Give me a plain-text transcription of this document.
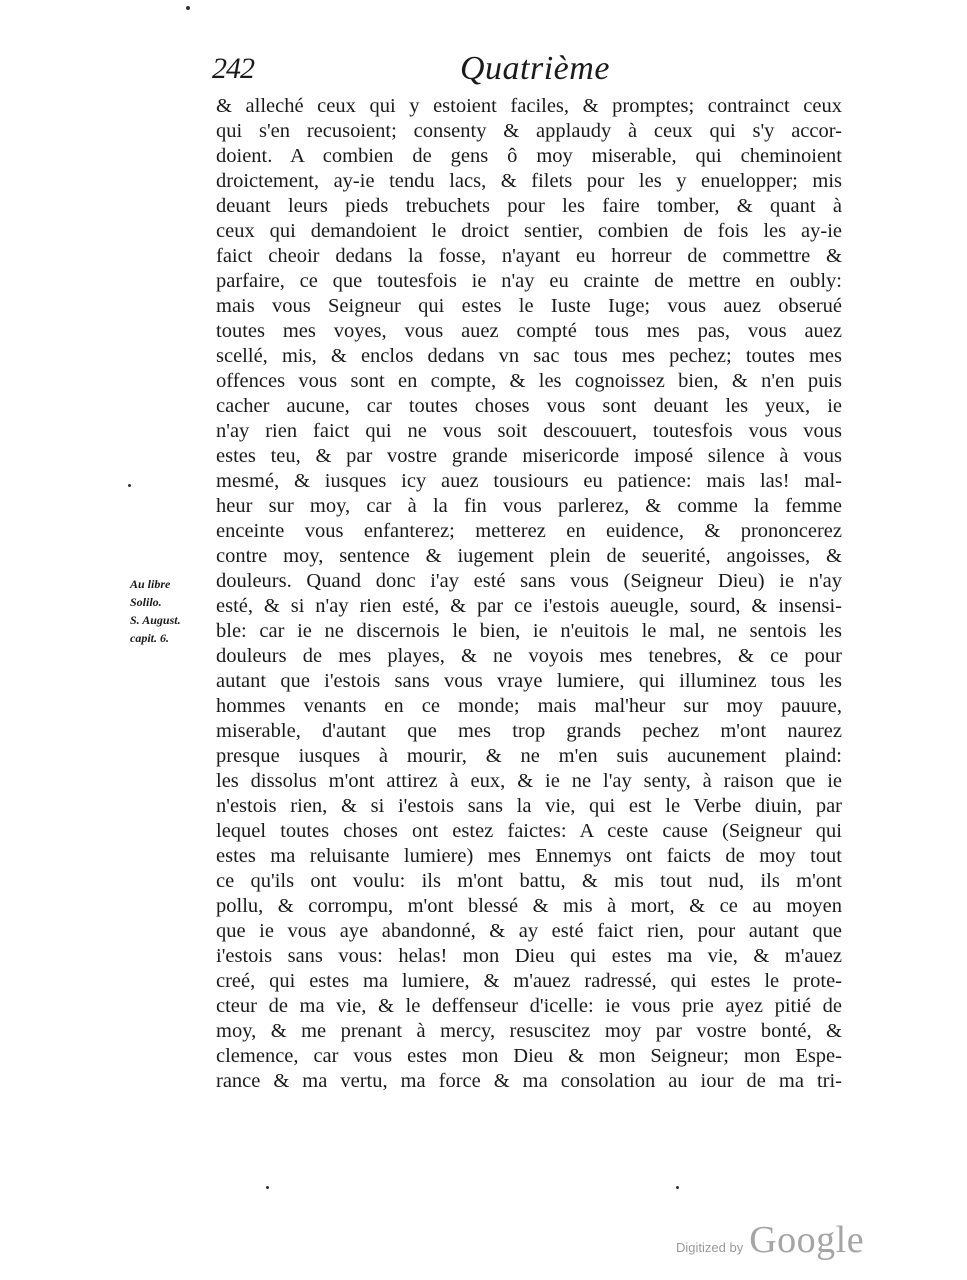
242	Quatrième
& alleché ceux qui y estoient faciles, & promptes; contrainct ceux
qui s'en recusoient; consenty & applaudy à ceux qui s'y accor-
doient. A combien de gens ô moy miserable, qui cheminoient
droictement, ay-ie tendu lacs, & filets pour les y enuelopper; mis
deuant leurs pieds trebuchets pour les faire tomber, & quant à
ceux qui demandoient le droict sentier, combien de fois les ay-ie
faict cheoir dedans la fosse, n'ayant eu horreur de commettre &
parfaire, ce que toutesfois ie n'ay eu crainte de mettre en oubly:
mais vous Seigneur qui estes le Iuste Iuge; vous auez obserué
toutes mes voyes, vous auez compté tous mes pas, vous auez
scellé, mis, & enclos dedans vn sac tous mes pechez; toutes mes
offences vous sont en compte, & les cognoissez bien, & n'en puis
cacher aucune, car toutes choses vous sont deuant les yeux, ie
n'ay rien faict qui ne vous soit descouuert, toutesfois vous vous
estes teu, & par vostre grande misericorde imposé silence à vous
mesmé, & iusques icy auez tousiours eu patience: mais las! mal-
heur sur moy, car à la fin vous parlerez, & comme la femme
enceinte vous enfanterez; metterez en euidence, & prononcerez
contre moy, sentence & iugement plein de seuerité, angoisses, &
douleurs. Quand donc i'ay esté sans vous (Seigneur Dieu) ie n'ay
esté, & si n'ay rien esté, & par ce i'estois aueugle, sourd, & insensi-
ble: car ie ne discernois le bien, ie n'euitois le mal, ne sentois les
douleurs de mes playes, & ne voyois mes tenebres, & ce pour
autant que i'estois sans vous vraye lumiere, qui illuminez tous les
hommes venants en ce monde; mais mal'heur sur moy pauure,
miserable, d'autant que mes trop grands pechez m'ont naurez
presque iusques à mourir, & ne m'en suis aucunement plaind:
les dissolus m'ont attirez à eux, & ie ne l'ay senty, à raison que ie
n'estois rien, & si i'estois sans la vie, qui est le Verbe diuin, par
lequel toutes choses ont estez faictes: A ceste cause (Seigneur qui
estes ma reluisante lumiere) mes Ennemys ont faicts de moy tout
ce qu'ils ont voulu: ils m'ont battu, & mis tout nud, ils m'ont
pollu, & corrompu, m'ont blessé & mis à mort, & ce au moyen
que ie vous aye abandonné, & ay esté faict rien, pour autant que
i'estois sans vous: helas! mon Dieu qui estes ma vie, & m'auez
creé, qui estes ma lumiere, & m'auez radressé, qui estes le prote-
cteur de ma vie, & le deffenseur d'icelle: ie vous prie ayez pitié de
moy, & me prenant à mercy, resuscitez moy par vostre bonté, &
clemence, car vous estes mon Dieu & mon Seigneur; mon Espe-
rance & ma vertu, ma force & ma consolation au iour de ma tri-
Au libre
Solilo.
S. August.
capit. 6.
Digitized by Google
